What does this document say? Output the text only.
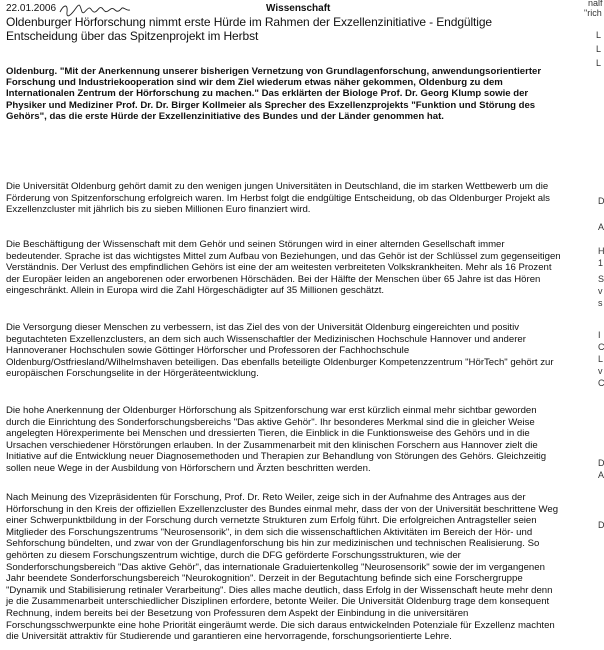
22.01.2006	Wissenschaft
Oldenburger Hörforschung nimmt erste Hürde im Rahmen der Exzellenzinitiative - Endgültige Entscheidung über das Spitzenprojekt im Herbst
Oldenburg. "Mit der Anerkennung unserer bisherigen Vernetzung von Grundlagenforschung, anwendungsorientierter Forschung und Industriekooperation sind wir dem Ziel wiederum etwas näher gekommen, Oldenburg zu dem Internationalen Zentrum der Hörforschung zu machen." Das erklärten der Biologe Prof. Dr. Georg Klump sowie der Physiker und Mediziner Prof. Dr. Dr. Birger Kollmeier als Sprecher des Exzellenzprojekts "Funktion und Störung des Gehörs", das die erste Hürde der Exzellenzinitiative des Bundes und der Länder genommen hat.
Die Universität Oldenburg gehört damit zu den wenigen jungen Universitäten in Deutschland, die im starken Wettbewerb um die Förderung von Spitzenforschung erfolgreich waren. Im Herbst folgt die endgültige Entscheidung, ob das Oldenburger Projekt als Exzellenzcluster mit jährlich bis zu sieben Millionen Euro finanziert wird.
Die Beschäftigung der Wissenschaft mit dem Gehör und seinen Störungen wird in einer alternden Gesellschaft immer bedeutender. Sprache ist das wichtigstes Mittel zum Aufbau von Beziehungen, und das Gehör ist der Schlüssel zum gegenseitigen Verständnis. Der Verlust des empfindlichen Gehörs ist eine der am weitesten verbreiteten Volkskrankheiten. Mehr als 16 Prozent der Europäer leiden an angeborenen oder erworbenen Hörschäden. Bei der Hälfte der Menschen über 65 Jahre ist das Hören eingeschränkt. Allein in Europa wird die Zahl Hörgeschädigter auf 35 Millionen geschätzt.
Die Versorgung dieser Menschen zu verbessern, ist das Ziel des von der Universität Oldenburg eingereichten und positiv begutachteten Exzellenzclusters, an dem sich auch Wissenschaftler der Medizinischen Hochschule Hannover und anderer Hannoveraner Hochschulen sowie Göttinger Hörforscher und Professoren der Fachhochschule Oldenburg/Ostfriesland/Wilhelmshaven beteiligen. Das ebenfalls beteiligte Oldenburger Kompetenzzentrum "HörTech" gehört zur europäischen Forschungselite in der Hörgeräteentwicklung.
Die hohe Anerkennung der Oldenburger Hörforschung als Spitzenforschung war erst kürzlich einmal mehr sichtbar geworden durch die Einrichtung des Sonderforschungsbereichs "Das aktive Gehör". Ihr besonderes Merkmal sind die in gleicher Weise angelegten Hörexperimente bei Menschen und dressierten Tieren, die Einblick in die Funktionsweise des Gehörs und in die Ursachen verschiedener Hörstörungen erlauben. In der Zusammenarbeit mit den klinischen Forschern aus Hannover zielt die Initiative auf die Entwicklung neuer Diagnosemethoden und Therapien zur Behandlung von Störungen des Gehörs. Gleichzeitig sollen neue Wege in der Ausbildung von Hörforschern und Ärzten beschritten werden.
Nach Meinung des Vizepräsidenten für Forschung, Prof. Dr. Reto Weiler, zeige sich in der Aufnahme des Antrages aus der Hörforschung in den Kreis der offiziellen Exzellenzcluster des Bundes einmal mehr, dass der von der Universität beschrittene Weg einer Schwerpunktbildung in der Forschung durch vernetzte Strukturen zum Erfolg führt. Die erfolgreichen Antragsteller seien Mitglieder des Forschungszentrums "Neurosensorik", in dem sich die wissenschaftlichen Aktivitäten im Bereich der Hör- und Sehforschung bündelten, und zwar von der Grundlagenforschung bis hin zur medizinischen und technischen Realisierung. So gehörten zu diesem Forschungszentrum wichtige, durch die DFG geförderte Forschungsstrukturen, wie der Sonderforschungsbereich "Das aktive Gehör", das internationale Graduiertenkolleg "Neurosensorik" sowie der im vergangenen Jahr beendete Sonderforschungsbereich "Neurokognition". Derzeit in der Begutachtung befinde sich eine Forschergruppe "Dynamik und Stabilisierung retinaler Verarbeitung". Dies alles mache deutlich, dass Erfolg in der Wissenschaft heute mehr denn je die Zusammenarbeit unterschiedlicher Disziplinen erfordere, betonte Weiler. Die Universität Oldenburg trage dem konsequent Rechnung, indem bereits bei der Besetzung von Professuren dem Aspekt der Einbindung in die universitären Forschungsschwerpunkte eine hohe Priorität eingeräumt werde. Die sich daraus entwickelnden Potenziale für Exzellenz machten die Universität attraktiv für Studierende und garantieren eine hervorragende, forschungsorientierte Lehre.
nalf
"rich
L
L
L
D
A
H
1
S
v
s
I
C
L
v
C
D
A
D
